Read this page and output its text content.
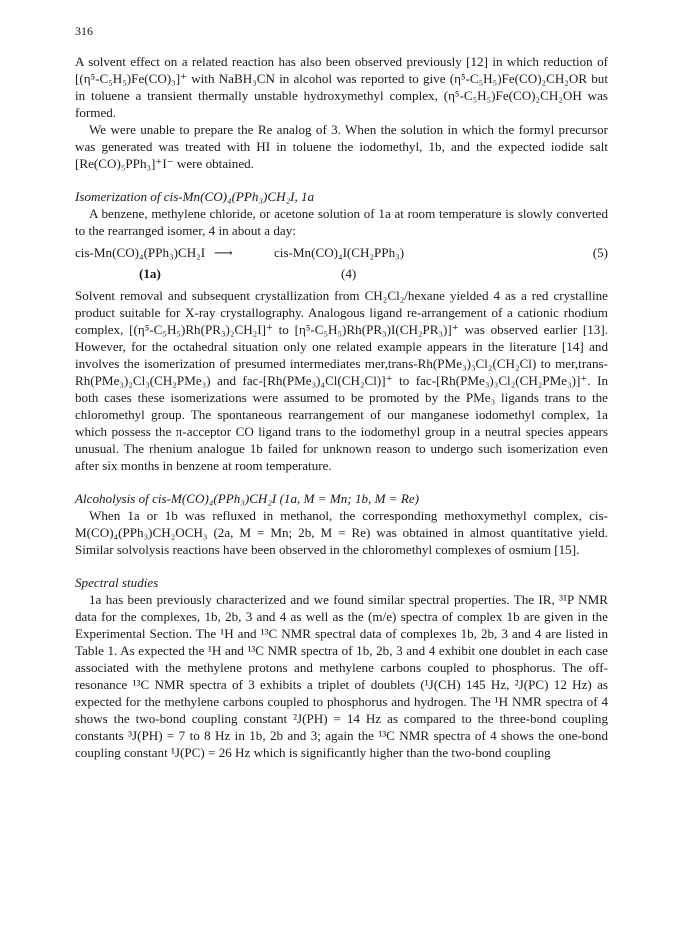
316

A solvent effect on a related reaction has also been observed previously [12] in which reduction of [(η⁵-C₅H₅)Fe(CO)₃]⁺ with NaBH₃CN in alcohol was reported to give (η⁵-C₅H₅)Fe(CO)₂CH₂OR but in toluene a transient thermally unstable hydroxymethyl complex, (η⁵-C₅H₅)Fe(CO)₂CH₂OH was formed.

We were unable to prepare the Re analog of 3. When the solution in which the formyl precursor was generated was treated with HI in toluene the iodomethyl, 1b, and the expected iodide salt [Re(CO)₅PPh₃]⁺I⁻ were obtained.

Isomerization of cis-Mn(CO)₄(PPh₃)CH₂I, 1a

A benzene, methylene chloride, or acetone solution of 1a at room temperature is slowly converted to the rearranged isomer, 4 in about a day:

cis-Mn(CO)₄(PPh₃)CH₂I ⟶	cis-Mn(CO)₄I(CH₂PPh₃)	(5)
(1a)	(4)

Solvent removal and subsequent crystallization from CH₂Cl₂/hexane yielded 4 as a red crystalline product suitable for X-ray crystallography. Analogous ligand re-arrangement of a cationic rhodium complex, [(η⁵-C₅H₅)Rh(PR₃)₂CH₂I]⁺ to [η⁵-C₅H₅)Rh(PR₃)I(CH₂PR₃)]⁺ was observed earlier [13]. However, for the octahedral situation only one related example appears in the literature [14] and involves the isomerization of presumed intermediates mer,trans-Rh(PMe₃)₃Cl₂(CH₂Cl) to mer,trans-Rh(PMe₃)₂Cl₃(CH₂PMe₃) and fac-[Rh(PMe₃)₄Cl(CH₂Cl)]⁺ to fac-[Rh(PMe₃)₃Cl₂(CH₂PMe₃)]⁺. In both cases these isomerizations were assumed to be promoted by the PMe₃ ligands trans to the chloromethyl group. The spontaneous rearrangement of our manganese iodomethyl complex, 1a which possess the π-acceptor CO ligand trans to the iodomethyl group in a neutral species appears unusual. The rhenium analogue 1b failed for unknown reason to undergo such isomerization even after six months in benzene at room temperature.

Alcoholysis of cis-M(CO)₄(PPh₃)CH₂I (1a, M = Mn; 1b, M = Re)

When 1a or 1b was refluxed in methanol, the corresponding methoxymethyl complex, cis-M(CO)₄(PPh₃)CH₂OCH₃ (2a, M = Mn; 2b, M = Re) was obtained in almost quantitative yield. Similar solvolysis reactions have been observed in the chloromethyl complexes of osmium [15].

Spectral studies

1a has been previously characterized and we found similar spectral properties. The IR, ³¹P NMR data for the complexes, 1b, 2b, 3 and 4 as well as the (m/e) spectra of complex 1b are given in the Experimental Section. The ¹H and ¹³C NMR spectral data of complexes 1b, 2b, 3 and 4 are listed in Table 1. As expected the ¹H and ¹³C NMR spectra of 1b, 2b, 3 and 4 exhibit one doublet in each case associated with the methylene protons and methylene carbons coupled to phosphorus. The off-resonance ¹³C NMR spectra of 3 exhibits a triplet of doublets (¹J(CH) 145 Hz, ²J(PC) 12 Hz) as expected for the methylene carbons coupled to phosphorus and hydrogen. The ¹H NMR spectra of 4 shows the two-bond coupling constant ²J(PH) = 14 Hz as compared to the three-bond coupling constants ³J(PH) = 7 to 8 Hz in 1b, 2b and 3; again the ¹³C NMR spectra of 4 shows the one-bond coupling constant ¹J(PC) = 26 Hz which is significantly higher than the two-bond coupling
